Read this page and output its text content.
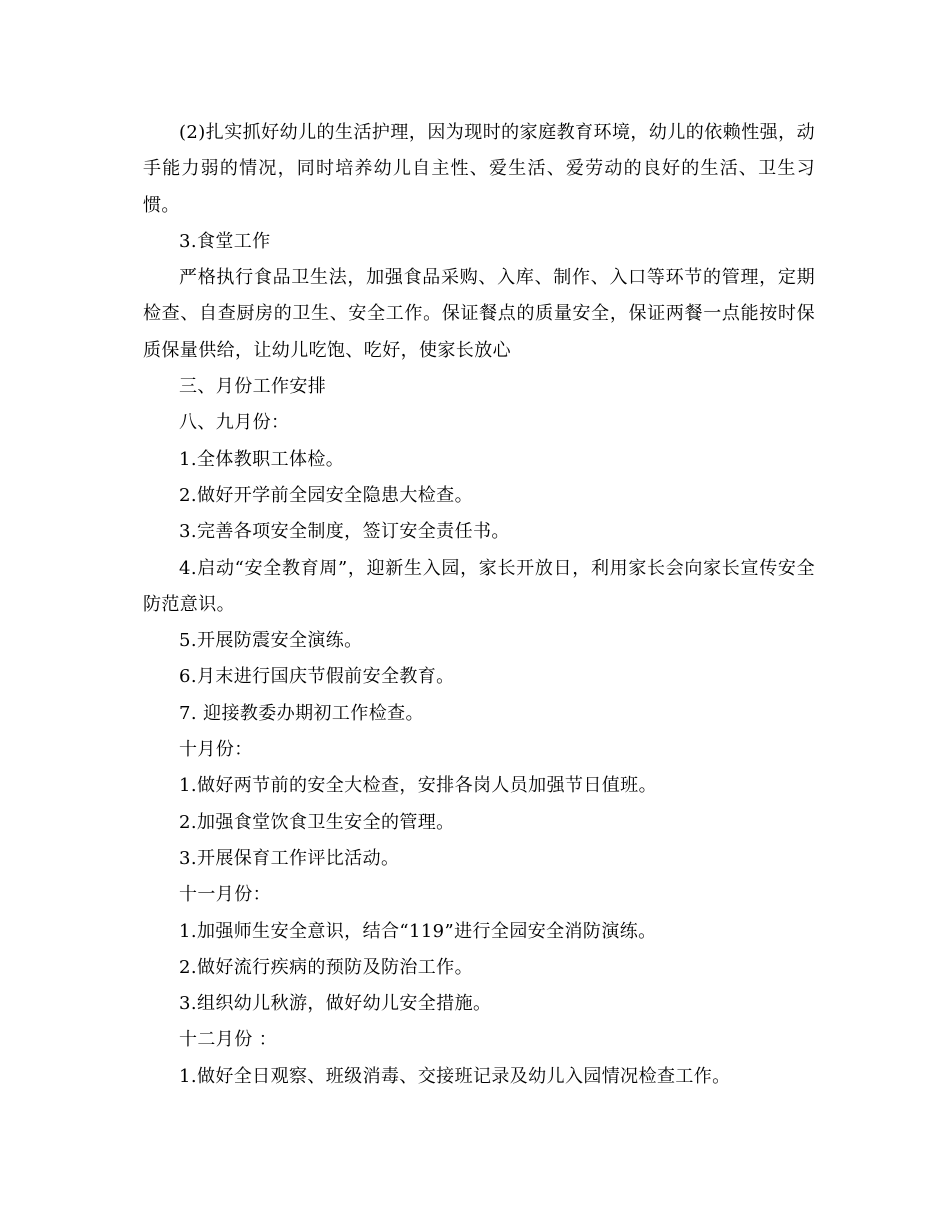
(2)扎实抓好幼儿的生活护理，因为现时的家庭教育环境，幼儿的依赖性强，动手能力弱的情况，同时培养幼儿自主性、爱生活、爱劳动的良好的生活、卫生习惯。

3.食堂工作

严格执行食品卫生法，加强食品采购、入库、制作、入口等环节的管理，定期检查、自查厨房的卫生、安全工作。保证餐点的质量安全，保证两餐一点能按时保质保量供给，让幼儿吃饱、吃好，使家长放心

三、月份工作安排

八、九月份：

1.全体教职工体检。

2.做好开学前全园安全隐患大检查。

3.完善各项安全制度，签订安全责任书。

4.启动“安全教育周”，迎新生入园，家长开放日，利用家长会向家长宣传安全防范意识。

5.开展防震安全演练。

6.月末进行国庆节假前安全教育。

7. 迎接教委办期初工作检查。

十月份：

1.做好两节前的安全大检查，安排各岗人员加强节日值班。

2.加强食堂饮食卫生安全的管理。

3.开展保育工作评比活动。

十一月份：

1.加强师生安全意识，结合“119”进行全园安全消防演练。

2.做好流行疾病的预防及防治工作。

3.组织幼儿秋游，做好幼儿安全措施。

十二月份 ：

1.做好全日观察、班级消毒、交接班记录及幼儿入园情况检查工作。
